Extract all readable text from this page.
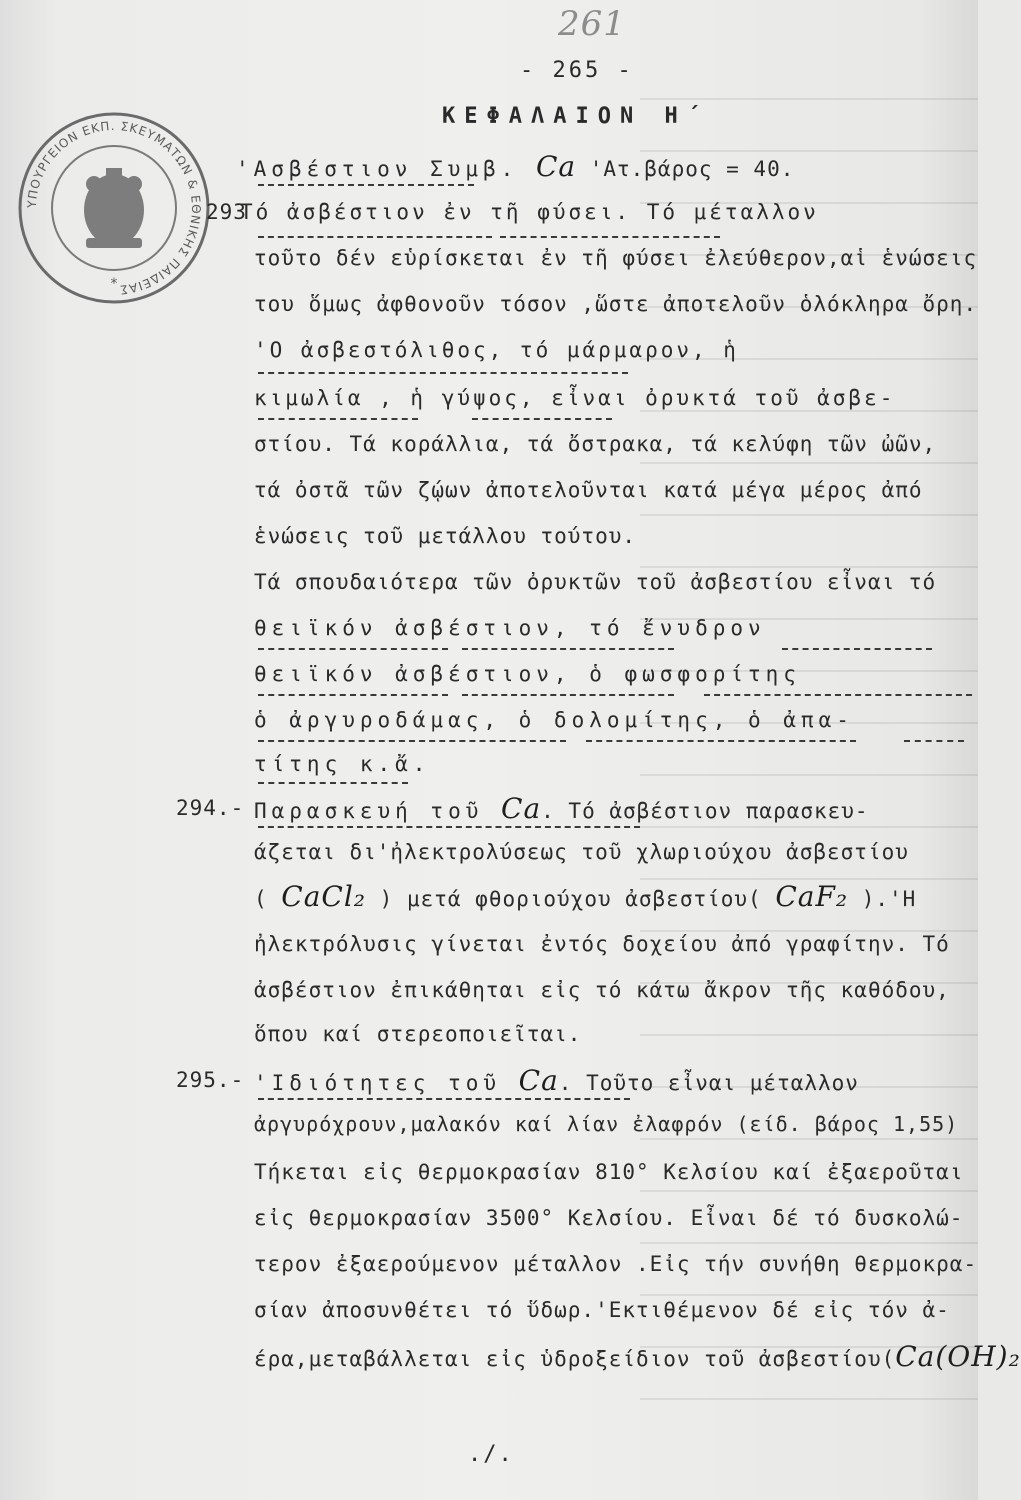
261
- 265 -
ΚΕΦΑΛΑΙΟΝ Η΄
ΥΠΟΥΡΓΕΙΟΝ ΕΚΠ. ΣΚΕΥΜΑΤΩΝ & ΕΘΝΙΚΗΣ ΠΑΙΔΕΙΑΣ
*
'Ασβέστιον Συμβ. Ca 'Ατ.βάρος = 40.
293
Τό ἀσβέστιον ἐν τῆ φύσει. Τό μέταλλον
τοῦτο δέν εὑρίσκεται ἐν τῆ φύσει ἐλεύθερον,αἱ ἑνώσεις
του ὅμως ἀφθονοῦν τόσον ,ὥστε ἀποτελοῦν ὁλόκληρα ὄρη.
'Ο ἀσβεστόλιθος, τό μάρμαρον, ἡ
κιμωλία , ἡ γύψος, εἶναι ὀρυκτά τοῦ ἀσβε-
στίου. Τά κοράλλια, τά ὄστρακα, τά κελύφη τῶν ὠῶν,
τά ὀστᾶ τῶν ζῴων ἀποτελοῦνται κατά μέγα μέρος ἀπό
ἑνώσεις τοῦ μετάλλου τούτου.
Τά σπουδαιότερα τῶν ὀρυκτῶν τοῦ ἀσβεστίου εἶναι τό
θειϊκόν ἀσβέστιον, τό ἔνυδρον
θειϊκόν ἀσβέστιον, ὁ φωσφορίτης
ὁ ἀργυροδάμας, ὁ δολομίτης, ὁ ἀπα-
τίτης κ.ἄ.
294.- Παρασκευή τοῦ Ca. Τό ἀσβέστιον παρασκευ-
άζεται δι'ἠλεκτρολύσεως τοῦ χλωριούχου ἀσβεστίου
( CaCl₂ ) μετά φθοριούχου ἀσβεστίου( CaF₂ ).'Η
ἠλεκτρόλυσις γίνεται ἐντός δοχείου ἀπό γραφίτην. Τό
ἀσβέστιον ἐπικάθηται εἰς τό κάτω ἄκρον τῆς καθόδου,
ὅπου καί στερεοποιεῖται.
295.- 'Ιδιότητες τοῦ Ca. Τοῦτο εἶναι μέταλλον
ἀργυρόχρουν,μαλακόν καί λίαν ἐλαφρόν (είδ. βάρος 1,55)
Τήκεται εἰς θερμοκρασίαν 810° Κελσίου καί ἐξαεροῦται
εἰς θερμοκρασίαν 3500° Κελσίου. Εἶναι δέ τό δυσκολώ-
τερον ἐξαερούμενον μέταλλον .Εἰς τήν συνήθη θερμοκρα-
σίαν ἀποσυνθέτει τό ὕδωρ.'Εκτιθέμενον δέ εἰς τόν ἀ-
έρα,μεταβάλλεται εἰς ὑδροξείδιον τοῦ ἀσβεστίου(Ca(OH)₂
./.
